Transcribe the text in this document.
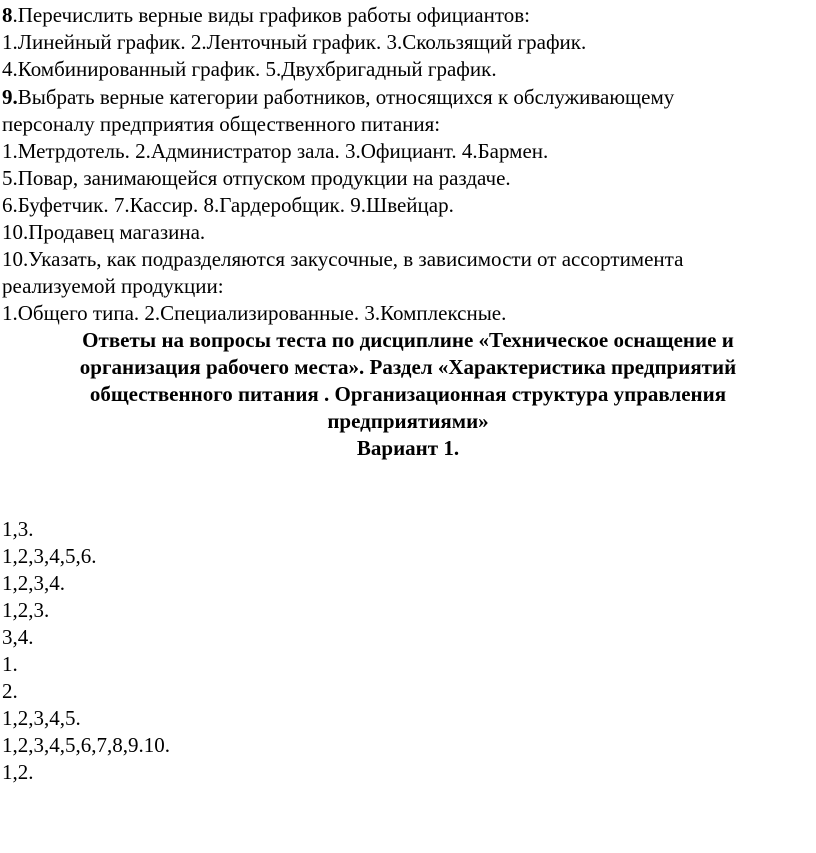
8.Перечислить верные виды графиков работы официантов:
1.Линейный график. 2.Ленточный график. 3.Скользящий график.
4.Комбинированный график. 5.Двухбригадный график.
9.Выбрать верные категории работников, относящихся к обслуживающему
персоналу предприятия общественного питания:
1.Метрдотель. 2.Администратор зала. 3.Официант. 4.Бармен.
5.Повар, занимающейся отпуском продукции на раздаче.
6.Буфетчик. 7.Кассир. 8.Гардеробщик. 9.Швейцар.
10.Продавец магазина.
10.Указать, как подразделяются закусочные, в зависимости от ассортимента
реализуемой продукции:
1.Общего типа. 2.Специализированные. 3.Комплексные.
Ответы на вопросы теста по дисциплине «Техническое оснащение и
организация рабочего места». Раздел «Характеристика предприятий
общественного питания . Организационная структура управления
предприятиями»
Вариант 1.
1,3.
1,2,3,4,5,6.
1,2,3,4.
1,2,3.
3,4.
1.
2.
1,2,3,4,5.
1,2,3,4,5,6,7,8,9.10.
1,2.
